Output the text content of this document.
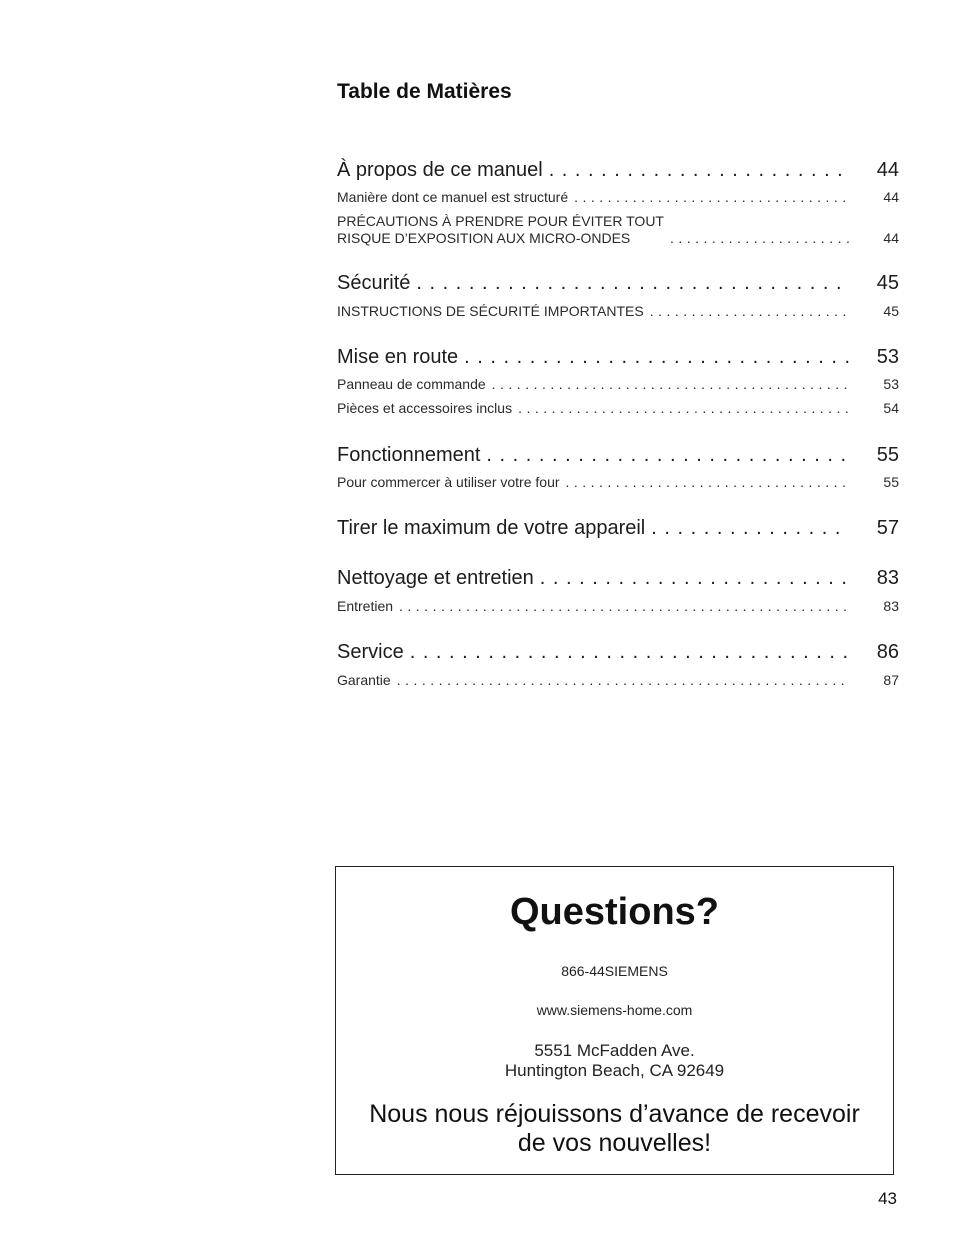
Table de Matières
À propos de ce manuel . . .	44
Manière dont ce manuel est structuré . . .	44
PRÉCAUTIONS À PRENDRE POUR ÉVITER TOUT
RISQUE D’EXPOSITION AUX MICRO-ONDES . . .	44
Sécurité . . .	45
INSTRUCTIONS DE SÉCURITÉ IMPORTANTES . . .	45
Mise en route . . .	53
Panneau de commande . . .	53
Pièces et accessoires inclus . . .	54
Fonctionnement . . .	55
Pour commercer à utiliser votre four . . .	55
Tirer le maximum de votre appareil . . .	57
Nettoyage et entretien . . .	83
Entretien . . .	83
Service . . .	86
Garantie . . .	87
Questions?
866-44SIEMENS
www.siemens-home.com
5551 McFadden Ave.
Huntington Beach, CA 92649
Nous nous réjouissons d’avance de recevoir
de vos nouvelles!
43
